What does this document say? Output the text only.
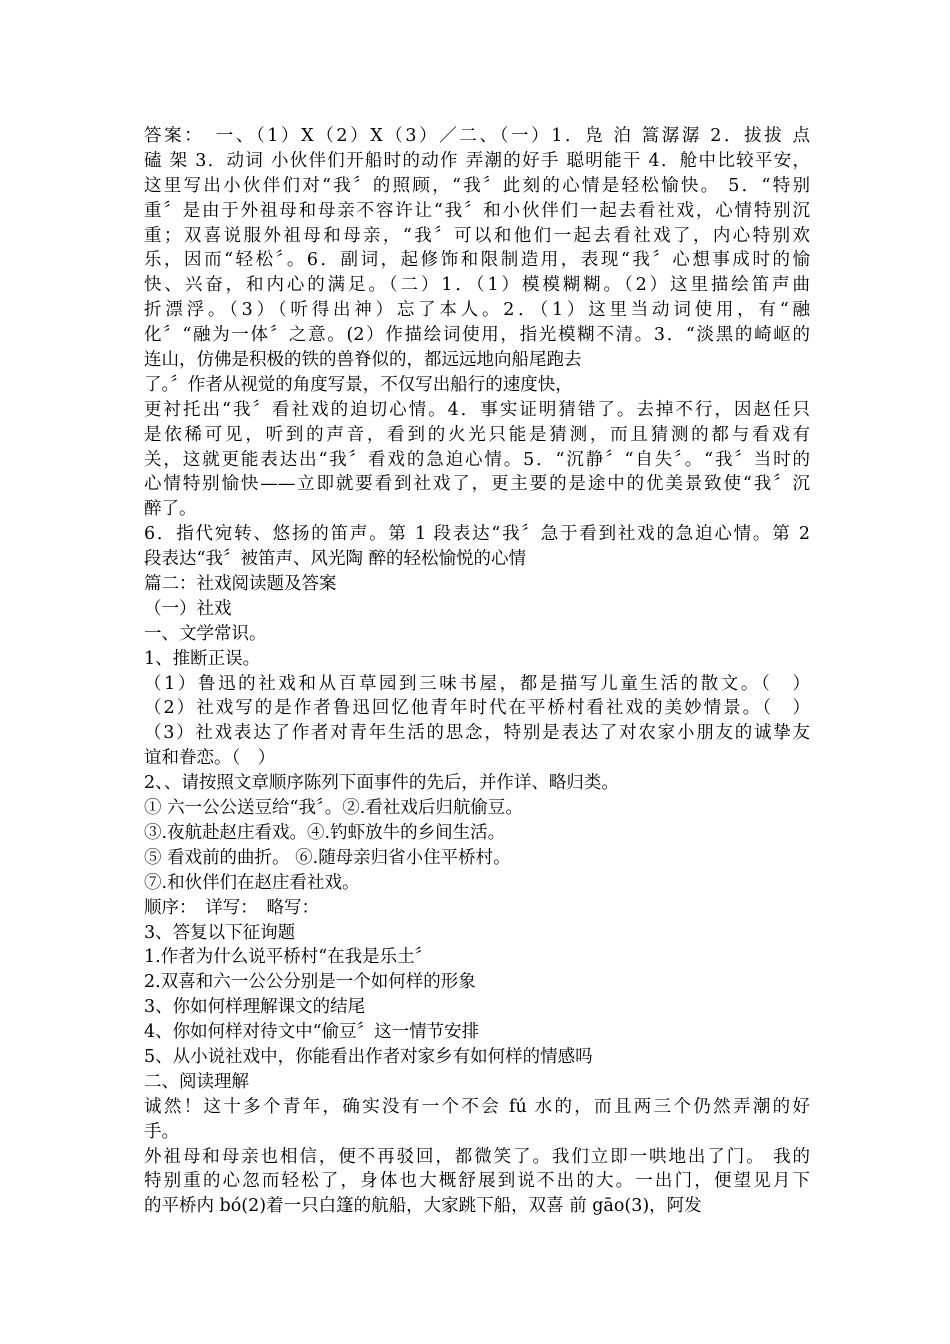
答案：　一、（1）X（2）X（3）／二、（一）1．凫 泊 篙潺潺 2．拔拔 点
磕 架 3．动词 小伙伴们开船时的动作 弄潮的好手 聪明能干 4．舱中比较平安，
这里写出小伙伴们对“我〞的照顾，“我〞此刻的心情是轻松愉快。 5．“特别
重〞是由于外祖母和母亲不容许让“我〞和小伙伴们一起去看社戏，心情特别沉
重；双喜说服外祖母和母亲，“我〞可以和他们一起去看社戏了，内心特别欢
乐，因而“轻松〞。6．副词，起修饰和限制造用，表现“我〞心想事成时的愉
快、兴奋，和内心的满足。（二）1．（1）模模糊糊。（2）这里描绘笛声曲
折漂浮。（3）（听得出神）忘了本人。2．（1）这里当动词使用，有“融
化〞“融为一体〞之意。(2）作描绘词使用，指光模糊不清。3．“淡黑的崎岖的
连山，仿佛是积极的铁的兽脊似的，都远远地向船尾跑去
了。〞作者从视觉的角度写景，不仅写出船行的速度快，
更衬托出“我〞看社戏的迫切心情。4．事实证明猜错了。去掉不行，因赵任只
是依稀可见，听到的声音，看到的火光只能是猜测，而且猜测的都与看戏有
关，这就更能表达出“我〞看戏的急迫心情。5．“沉静〞“自失〞。“我〞当时的
心情特别愉快——立即就要看到社戏了，更主要的是途中的优美景致使“我〞沉
醉了。
6．指代宛转、悠扬的笛声。第 1 段表达“我〞急于看到社戏的急迫心情。第 2
段表达“我〞被笛声、风光陶 醉的轻松愉悦的心情
篇二：社戏阅读题及答案
（一）社戏
一、文学常识。
1、推断正误。
（1）鲁迅的社戏和从百草园到三味书屋，都是描写儿童生活的散文。（　）
（2）社戏写的是作者鲁迅回忆他青年时代在平桥村看社戏的美妙情景。（　）
（3）社戏表达了作者对青年生活的思念，特别是表达了对农家小朋友的诚挚友
谊和眷恋。（　）
2、、请按照文章顺序陈列下面事件的先后，并作详、略归类。
① 六一公公送豆给“我〞。②.看社戏后归航偷豆。
③.夜航赴赵庄看戏。④.钓虾放牛的乡间生活。
⑤ 看戏前的曲折。 ⑥.随母亲归省小住平桥村。
⑦.和伙伴们在赵庄看社戏。
顺序：　详写：　略写：
3、答复以下征询题
1.作者为什么说平桥村“在我是乐土〞
2.双喜和六一公公分别是一个如何样的形象
3、你如何样理解课文的结尾
4、你如何样对待文中“偷豆〞这一情节安排
5、从小说社戏中，你能看出作者对家乡有如何样的情感吗
二、阅读理解
诚然！这十多个青年，确实没有一个不会 fú 水的，而且两三个仍然弄潮的好
手。
外祖母和母亲也相信，便不再驳回，都微笑了。我们立即一哄地出了门。 我的
特别重的心忽而轻松了，身体也大概舒展到说不出的大。一出门，便望见月下
的平桥内 bó(2)着一只白篷的航船，大家跳下船，双喜 前 gāo(3)，阿发
